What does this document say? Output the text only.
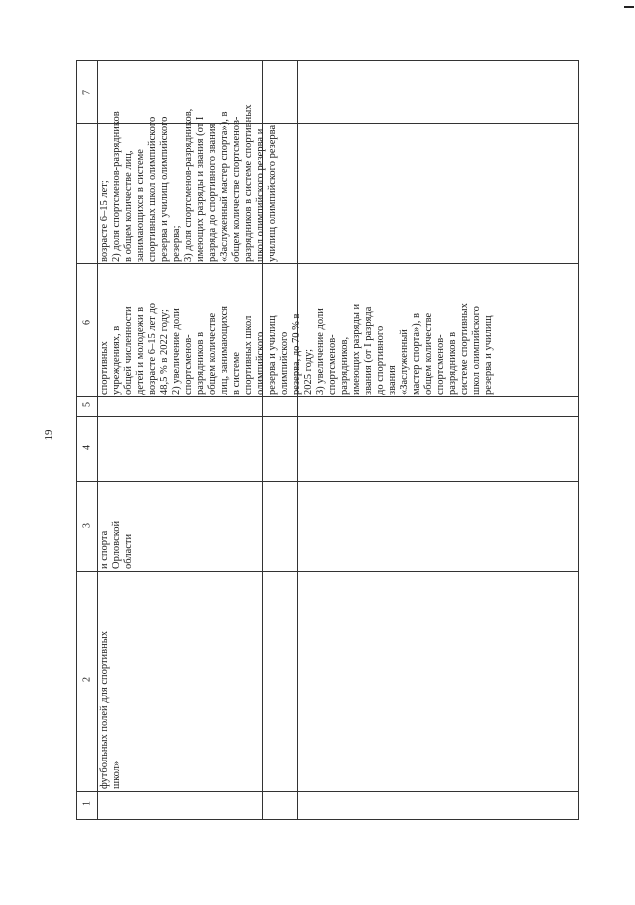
19
7
6
5
4
3
2
1
возрасте 6–15 лет; 2) доля спортсменов-разрядников в общем количестве лиц, занимающихся в системе спортивных школ олимпийского резерва и училищ олимпийского резерва; 3) доля спортсменов-разрядников, имеющих разряды и звания (от I разряда до спортивного звания «Заслуженный мастер спорта»), в общем количестве спортсменов- разрядников в системе спортивных школ олимпийского резерва и училищ олимпийского резерва
спортивных учреждениях, в общей численности детей и молодежи в возрасте 6–15 лет до 48,5 % в 2022 году; 2) увеличение доли спортсменов- разрядников в общем количестве лиц, занимающихся в системе спортивных школ олимпийского резерва и училищ олимпийского резерва, до 70 % в 2025 году; 3) увеличение доли спортсменов- разрядников, имеющих разряды и звания (от I разряда до спортивного звания «Заслуженный мастер спорта»), в общем количестве спортсменов- разрядников в системе спортивных школ олимпийского резерва и училищ
и спорта Орловской области
футбольных полей для спортивных школ»
